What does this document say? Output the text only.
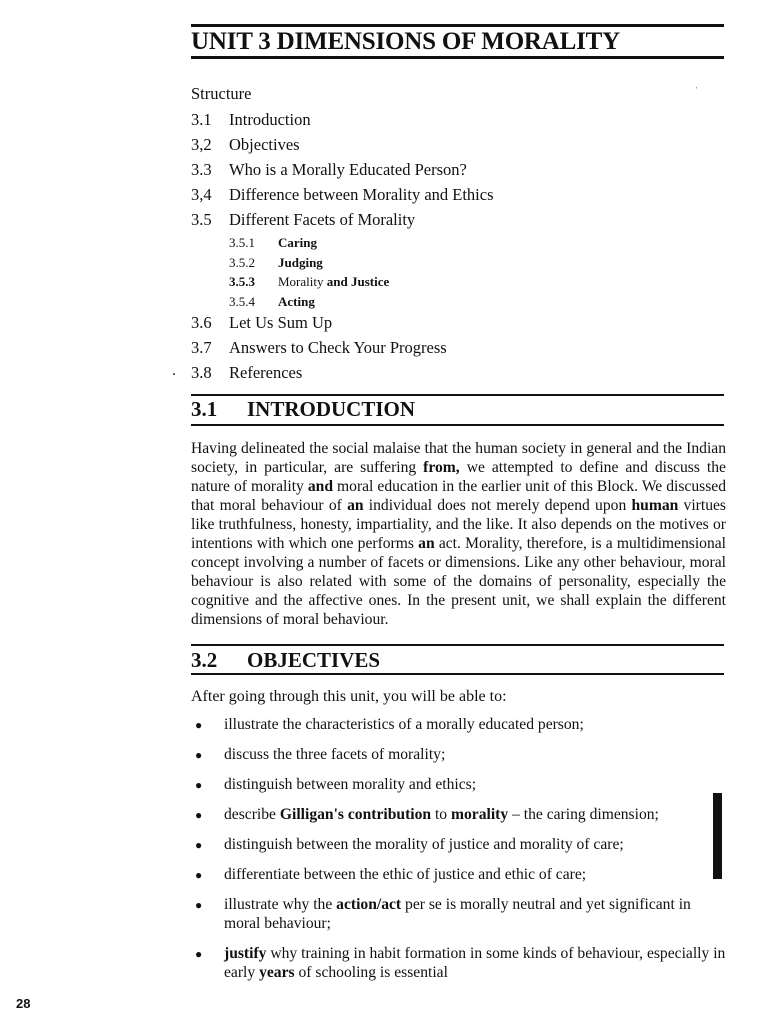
UNIT 3 DIMENSIONS OF MORALITY
ˌ
Structure
3.1	Introduction
3,2	Objectives
3.3	Who is a Morally Educated Person?
3,4	Difference between Morality and Ethics
3.5	Different Facets of Morality
3.5.1	Caring
3.5.2	Judging
3.5.3	Morality and Justice
3.5.4	Acting
3.6	Let Us Sum Up
3.7	Answers to Check Your Progress
3.8	References
.
3.1	INTRODUCTION
Having delineated the social malaise that the human society in general and the Indian society, in particular, are suffering from, we attempted to define and discuss the nature of morality and moral education in the earlier unit of this Block. We discussed that moral behaviour of an individual does not merely depend upon human virtues like truthfulness, honesty, impartiality, and the like. It also depends on the motives or intentions with which one performs an act. Morality, therefore, is a multidimensional concept involving a number of facets or dimensions. Like any other behaviour, moral behaviour is also related with some of the domains of personality, especially the cognitive and the affective ones. In the present unit, we shall explain the different dimensions of moral behaviour.
3.2	OBJECTIVES
After going through this unit, you will be able to:
● illustrate the characteristics of a morally educated person;
● discuss the three facets of morality;
● distinguish between morality and ethics;
● describe Gilligan's contribution to morality – the caring dimension;
● distinguish between the morality of justice and morality of care;
● differentiate between the ethic of justice and ethic of care;
● illustrate why the action/act per se is morally neutral and yet significant in moral behaviour;
● justify why training in habit formation in some kinds of behaviour, especially in early years of schooling is essential
28
